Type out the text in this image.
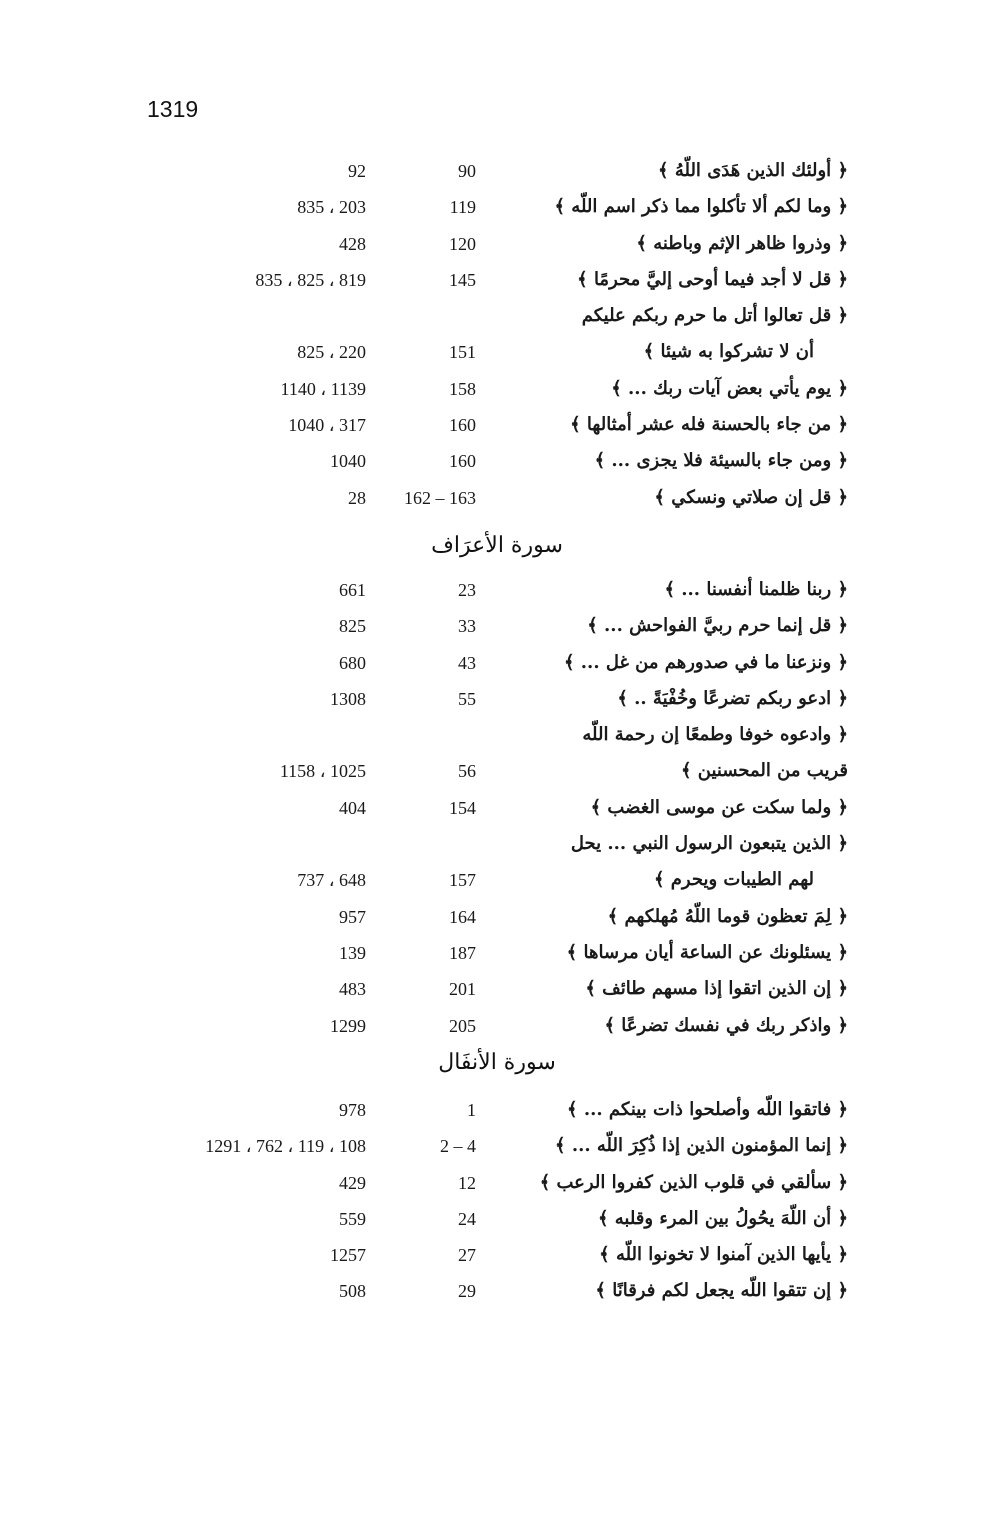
1319
﴿ أولئك الذين هَدَى اللّهُ ﴾
90
92
﴿ وما لكم ألا تأكلوا مما ذكر اسم اللّه ﴾
119
203 ، 835
﴿ وذروا ظاهر الإثم وباطنه ﴾
120
428
﴿ قل لا أجد فيما أوحى إليَّ محرمًا ﴾
145
819 ، 825 ، 835
﴿ قل تعالوا أتل ما حرم ربكم عليكم
أن لا تشركوا به شيئا ﴾
151
220 ، 825
﴿ يوم يأتي بعض آيات ربك ... ﴾
158
1139 ، 1140
﴿ من جاء بالحسنة فله عشر أمثالها ﴾
160
317 ، 1040
﴿ ومن جاء بالسيئة فلا يجزى ... ﴾
160
1040
﴿ قل إن صلاتي ونسكي ﴾
162 – 163
28
سورة الأعرَاف
﴿ ربنا ظلمنا أنفسنا ... ﴾
23
661
﴿ قل إنما حرم ربيَّ الفواحش ... ﴾
33
825
﴿ ونزعنا ما في صدورهم من غل ... ﴾
43
680
﴿ ادعو ربكم تضرعًا وخُفْيَةً .. ﴾
55
1308
﴿ وادعوه خوفا وطمعًا إن رحمة اللّه
قريب من المحسنين ﴾
56
1025 ، 1158
﴿ ولما سكت عن موسى الغضب ﴾
154
404
﴿ الذين يتبعون الرسول النبي ... يحل
لهم الطيبات ويحرم ﴾
157
648 ، 737
﴿ لِمَ تعظون قوما اللّهُ مُهلكهم ﴾
164
957
﴿ يسئلونك عن الساعة أيان مرساها ﴾
187
139
﴿ إن الذين اتقوا إذا مسهم طائف ﴾
201
483
﴿ واذكر ربك في نفسك تضرعًا ﴾
205
1299
سورة الأنفَال
﴿ فاتقوا اللّه وأصلحوا ذات بينكم ... ﴾
1
978
﴿ إنما المؤمنون الذين إذا ذُكِرَ اللّه ... ﴾
2 – 4
108 ، 119 ، 762 ، 1291
﴿ سألقي في قلوب الذين كفروا الرعب ﴾
12
429
﴿ أن اللّهَ يحُولُ بين المرء وقلبه ﴾
24
559
﴿ يأيها الذين آمنوا لا تخونوا اللّه ﴾
27
1257
﴿ إن تتقوا اللّه يجعل لكم فرقانًا ﴾
29
508
